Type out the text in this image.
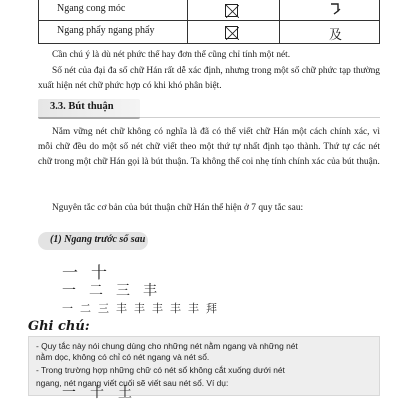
Ngang cong móc
Ngang phẩy ngang phẩy	及
Cần chú ý là dù nét phức thế hay đơn thể cũng chỉ tính một nét.
Số nét của đại đa số chữ Hán rất dễ xác định, nhưng trong một số chữ phức tạp thường xuất hiện nét chữ phức hợp có khi khó phân biệt.
3.3. Bút thuận
Nắm vững nét chữ không có nghĩa là đã có thể viết chữ Hán một cách chính xác, vì mỗi chữ đều do một số nét chữ viết theo một thứ tự nhất định tạo thành. Thứ tự các nét chữ trong một chữ Hán gọi là bút thuận. Ta không thể coi nhẹ tính chính xác của bút thuận.
Nguyên tắc cơ bản của bút thuận chữ Hán thể hiện ở 7 quy tắc sau:
(1) Ngang trước sổ sau
一 十
一 二 三 丰
一 二 三 丰 丰 丰 丰 丰 拜
Ghi chú:
- Quy tắc này nói chung dùng cho những nét nằm ngang và những nét
nằm dọc, không có chỉ có nét ngang và nét sổ.
- Trong trường hợp những chữ có nét sổ không cắt xuống dưới nét
ngang, nét ngang viết cuối sẽ viết sau nét sổ. Ví dụ:
一 十 土
